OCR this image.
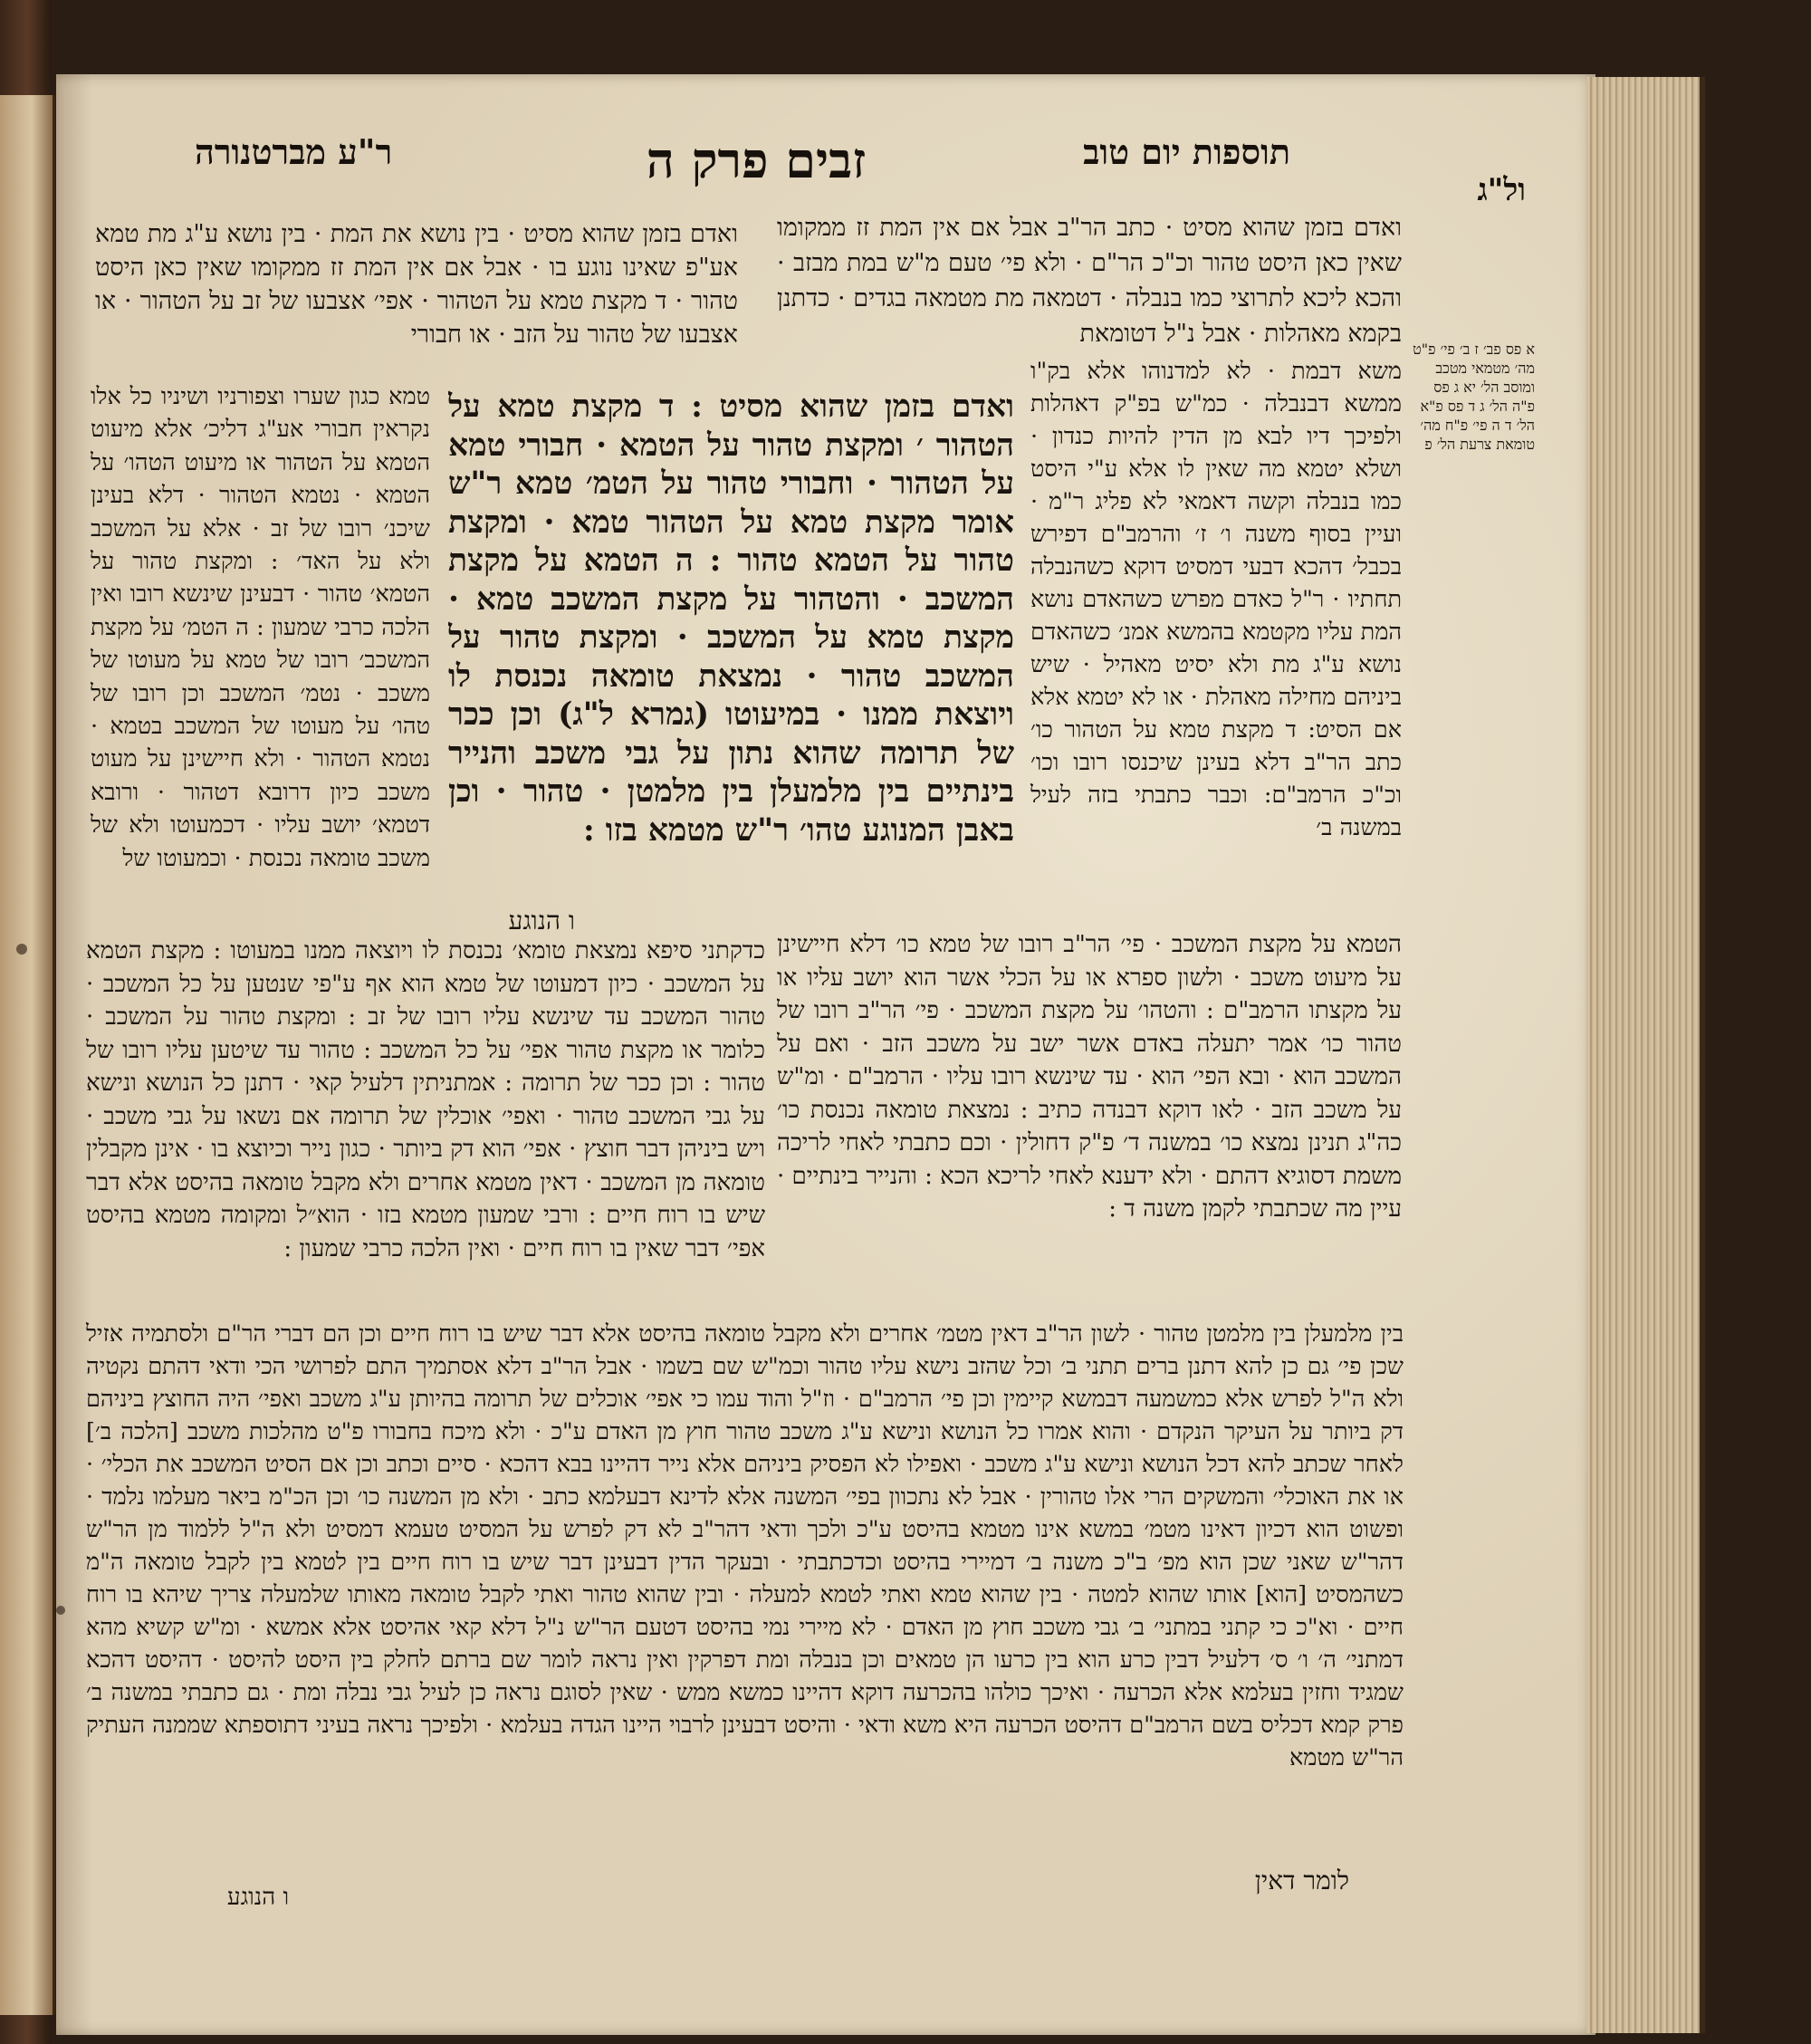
תוספות יום טוב
זבים פרק ה
ר"ע מברטנורה
ול"ג
ואדם בזמן שהוא מסיט · כתב הר"ב אבל אם אין המת זז ממקומו שאין כאן היסט טהור וכ"כ הר"ם · ולא פי׳ טעם מ"ש במת מבזב · והכא ליכא לתרוצי כמו בנבלה · דטמאה מת מטמאה בגדים · כדתנן בקמא מאהלות · אבל נ"ל דטומאת
משא דבמת · לא למדנוהו אלא בק"ו ממשא דבנבלה · כמ"ש בפ"ק דאהלות ולפיכך דיו לבא מן הדין להיות כנדון · ושלא יטמא מה שאין לו אלא ע"י היסט כמו בנבלה וקשה דאמאי לא פליג ר"מ · ועיין בסוף משנה ו׳ ז׳ והרמב"ם דפירש בכבל׳ דהכא דבעי דמסיט דוקא כשהנבלה תחתיו · ר"ל כאדם מפרש כשהאדם נושא המת עליו מקטמא בהמשא אמנ׳ כשהאדם נושא ע"ג מת ולא יסיט מאהיל · שיש ביניהם מחילה מאהלת · או לא יטמא אלא אם הסיט: ד מקצת טמא על הטהור כו׳ כתב הר"ב דלא בעינן שיכנסו רובו וכו׳ וכ"כ הרמב"ם: וכבר כתבתי בזה לעיל במשנה ב׳
ואדם בזמן שהוא מסיט · בין נושא את המת · בין נושא ע"ג מת טמא אע"פ שאינו נוגע בו · אבל אם אין המת זז ממקומו שאין כאן היסט טהור · ד מקצת טמא על הטהור · אפי׳ אצבעו של זב על הטהור · או אצבעו של טהור על הזב · או חבורי
טמא כגון שערו וצפורניו ושיניו כל אלו נקראין חבורי אע"ג דליכ׳ אלא מיעוט הטמא על הטהור או מיעוט הטהו׳ על הטמא · נטמא הטהור · דלא בעינן שיכנ׳ רובו של זב · אלא על המשכב ולא על האד׳ : ומקצת טהור על הטמא׳ טהור · דבעינן שינשא רובו ואין הלכה כרבי שמעון : ה הטמ׳ על מקצת המשכב׳ רובו של טמא על מעוטו של משכב · נטמ׳ המשכב וכן רובו של טהו׳ על מעוטו של המשכב בטמא · נטמא הטהור · ולא חיישינן על מעוט משכב כיון דרובא דטהור · ורובא דטמא׳ יושב עליו · דכמעוטו ולא של משכב טומאה נכנסת · וכמעוטו של
ואדם בזמן שהוא מסיט : ד מקצת טמא על הטהור ׳ ומקצת טהור על הטמא · חבורי טמא על הטהור · וחבורי טהור על הטמ׳ טמא ר"ש אומר מקצת טמא על הטהור טמא · ומקצת טהור על הטמא טהור : ה הטמא על מקצת המשכב · והטהור על מקצת המשכב טמא · מקצת טמא על המשכב · ומקצת טהור על המשכב טהור · נמצאת טומאה נכנסת לו ויוצאת ממנו · במיעוטו (גמרא ל"ג) וכן ככר של תרומה שהוא נתון על גבי משכב והנייר בינתיים בין מלמעלן בין מלמטן · טהור · וכן באבן המנוגע טהו׳ ר"ש מטמא בזו :
ו הנוגע
הטמא על מקצת המשכב · פי׳ הר"ב רובו של טמא כו׳ דלא חיישינן על מיעוט משכב · ולשון ספרא או על הכלי אשר הוא יושב עליו או על מקצתו הרמב"ם : והטהו׳ על מקצת המשכב · פי׳ הר"ב רובו של טהור כו׳ אמר יתעלה באדם אשר ישב על משכב הזב · ואם על המשכב הוא · ובא הפי׳ הוא · עד שינשא רובו עליו · הרמב"ם · ומ"ש על משכב הזב · לאו דוקא דבנדה כתיב : נמצאת טומאה נכנסת כו׳ כה"ג תנינן נמצא כו׳ במשנה ד׳ פ"ק דחולין · וכם כתבתי לאחי לריכה משמת דסוגיא דהתם · ולא ידענא לאחי לריכא הכא : והנייר בינתיים · עיין מה שכתבתי לקמן משנה ד :
כדקתני סיפא נמצאת טומא׳ נכנסת לו ויוצאה ממנו במעוטו : מקצת הטמא על המשכב · כיון דמעוטו של טמא הוא אף ע"פי שנטען על כל המשכב · טהור המשכב עד שינשא עליו רובו של זב : ומקצת טהור על המשכב · כלומר או מקצת טהור אפי׳ על כל המשכב : טהור עד שיטען עליו רובו של טהור : וכן ככר של תרומה : אמתניתין דלעיל קאי · דתנן כל הנושא ונישא על גבי המשכב טהור · ואפי׳ אוכלין של תרומה אם נשאו על גבי משכב · ויש ביניהן דבר חוצץ · אפי׳ הוא דק ביותר · כגון נייר וכיוצא בו · אינן מקבלין טומאה מן המשכב · דאין מטמא אחרים ולא מקבל טומאה בהיסט אלא דבר שיש בו רוח חיים : ורבי שמעון מטמא בזו · הוא״ל ומקומה מטמא בהיסט אפי׳ דבר שאין בו רוח חיים · ואין הלכה כרבי שמעון :
ו הנוגע
בין מלמעלן בין מלמטן טהור · לשון הר"ב דאין מטמ׳ אחרים ולא מקבל טומאה בהיסט אלא דבר שיש בו רוח חיים וכן הם דברי הר"ם ולסתמיה אזיל שכן פי׳ גם כן להא דתנן ברים תתני ב׳ וכל שהזב נישא עליו טהור וכמ"ש שם בשמו · אבל הר"ב דלא אסתמיך התם לפרושי הכי ודאי דהתם נקטיה ולא ה"ל לפרש אלא כמשמעה דבמשא קיימין וכן פי׳ הרמב"ם · וז"ל והוד עמו כי אפי׳ אוכלים של תרומה בהיותן ע"ג משכב ואפי׳ היה החוצץ ביניהם דק ביותר על העיקר הנקדם · והוא אמרו כל הנושא ונישא ע"ג משכב טהור חוץ מן האדם ע"כ · ולא מיכח בחבורו פ"ט מהלכות משכב [הלכה ב׳] לאחר שכתב להא דכל הנושא ונישא ע"ג משכב · ואפילו לא הפסיק ביניהם אלא נייר דהיינו בבא דהכא · סיים וכתב וכן אם הסיט המשכב את הכלי׳ · או את האוכלי׳ והמשקים הרי אלו טהורין · אבל לא נתכוון בפי׳ המשנה אלא לדינא דבעלמא כתב · ולא מן המשנה כו׳ וכן הכ"מ ביאר מעלמו נלמד · ופשוט הוא דכיון דאינו מטמ׳ במשא אינו מטמא בהיסט ע"כ ולכך ודאי דהר"ב לא דק לפרש על המסיט טעמא דמסיט ולא ה"ל ללמוד מן הר"ש דהר"ש שאני שכן הוא מפ׳ ב"כ משנה ב׳ דמיירי בהיסט וכדכתבתי · ובעקר הדין דבעינן דבר שיש בו רוח חיים בין לטמא בין לקבל טומאה ה"מ כשהמסיט [הוא] אותו שהוא למטה · בין שהוא טמא ואתי לטמא למעלה · ובין שהוא טהור ואתי לקבל טומאה מאותו שלמעלה צריך שיהא בו רוח חיים · וא"כ כי קתני במתני׳ ב׳ גבי משכב חוץ מן האדם · לא מיירי נמי בהיסט דטעם הר"ש נ"ל דלא קאי אהיסט אלא אמשא · ומ"ש קשיא מהא דמתני׳ ה׳ ו׳ ס׳ דלעיל דבין כרע הוא בין כרעו הן טמאים וכן בנבלה ומת דפרקין ואין נראה לומר שם ברתם לחלק בין היסט להיסט · דהיסט דהכא שמגיד וחזין בעלמא אלא הכרעה · ואיכך כולהו בהכרעה דוקא דהיינו כמשא ממש · שאין לסוגם נראה כן לעיל גבי נבלה ומת · גם כתבתי במשנה ב׳ פרק קמא דכליס בשם הרמב"ם דהיסט הכרעה היא משא ודאי · והיסט דבעינן לרבוי היינו הגדה בעלמא · ולפיכך נראה בעיני דתוספתא שממנה העתיק הר"ש מטמא
לומר דאין
א פס פב׳ ז ב׳ פי׳ פ"ט מה׳ מטמאי מטכב ומוסב הל׳ יא ג פס פ"ה הל׳ ג ד פס פ"א הל׳ ד ה פי׳ פ"ח מה׳ טומאת צרעת הל׳ פ
